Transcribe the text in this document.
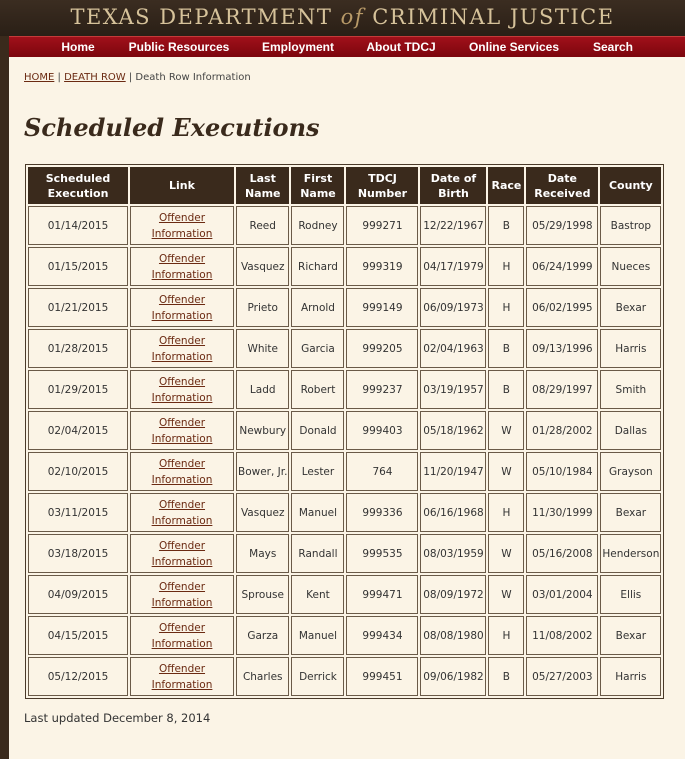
TEXAS DEPARTMENT of CRIMINAL JUSTICE
Home	Public Resources	Employment	About TDCJ	Online Services	Search
HOME | DEATH ROW | Death Row Information
Scheduled Executions
Scheduled Execution	Link	Last Name	First Name	TDCJ Number	Date of Birth	Race	Date Received	County
01/14/2015	Offender Information	Reed	Rodney	999271	12/22/1967	B	05/29/1998	Bastrop
01/15/2015	Offender Information	Vasquez	Richard	999319	04/17/1979	H	06/24/1999	Nueces
01/21/2015	Offender Information	Prieto	Arnold	999149	06/09/1973	H	06/02/1995	Bexar
01/28/2015	Offender Information	White	Garcia	999205	02/04/1963	B	09/13/1996	Harris
01/29/2015	Offender Information	Ladd	Robert	999237	03/19/1957	B	08/29/1997	Smith
02/04/2015	Offender Information	Newbury	Donald	999403	05/18/1962	W	01/28/2002	Dallas
02/10/2015	Offender Information	Bower, Jr.	Lester	764	11/20/1947	W	05/10/1984	Grayson
03/11/2015	Offender Information	Vasquez	Manuel	999336	06/16/1968	H	11/30/1999	Bexar
03/18/2015	Offender Information	Mays	Randall	999535	08/03/1959	W	05/16/2008	Henderson
04/09/2015	Offender Information	Sprouse	Kent	999471	08/09/1972	W	03/01/2004	Ellis
04/15/2015	Offender Information	Garza	Manuel	999434	08/08/1980	H	11/08/2002	Bexar
05/12/2015	Offender Information	Charles	Derrick	999451	09/06/1982	B	05/27/2003	Harris
Last updated December 8, 2014
